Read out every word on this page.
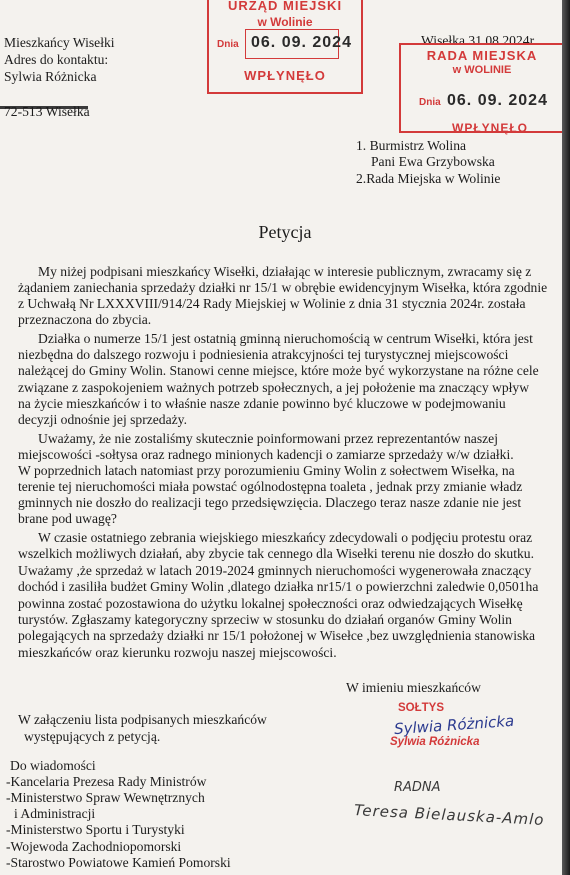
Mieszkańcy Wisełki
Adres do kontaktu:
Sylwia Różnicka
72-513 Wisełka
URZĄD MIEJSKI
w Wolinie
Dnia 06. 09. 2024
WPŁYNĘŁO
Wisełka 31.08.2024r.
RADA MIEJSKA
w WOLINIE
Dnia 06. 09. 2024
WPŁYNĘŁO
1. Burmistrz Wolina
Pani Ewa Grzybowska
2.Rada Miejska w Wolinie
Petycja
My niżej podpisani mieszkańcy Wisełki, działając w interesie publicznym, zwracamy się z
żądaniem zaniechania sprzedaży działki nr 15/1 w obrębie ewidencyjnym Wisełka, która zgodnie
z Uchwałą Nr LXXXVIII/914/24 Rady Miejskiej w Wolinie z dnia 31 stycznia 2024r. została
przeznaczona do zbycia.
Działka o numerze 15/1 jest ostatnią gminną nieruchomością w centrum Wisełki, która jest
niezbędna do dalszego rozwoju i podniesienia atrakcyjności tej turystycznej miejscowości
należącej do Gminy Wolin. Stanowi cenne miejsce, które może być wykorzystane na różne cele
związane z zaspokojeniem ważnych potrzeb społecznych, a jej położenie ma znaczący wpływ
na życie mieszkańców i to właśnie nasze zdanie powinno być kluczowe w podejmowaniu
decyzji odnośnie jej sprzedaży.
Uważamy, że nie zostaliśmy skutecznie poinformowani przez reprezentantów naszej
miejscowości -sołtysa oraz radnego minionych kadencji o zamiarze sprzedaży w/w działki.
W poprzednich latach natomiast przy porozumieniu Gminy Wolin z sołectwem Wisełka, na
terenie tej nieruchomości miała powstać ogólnodostępna toaleta , jednak przy zmianie władz
gminnych nie doszło do realizacji tego przedsięwzięcia. Dlaczego teraz nasze zdanie nie jest
brane pod uwagę?
W czasie ostatniego zebrania wiejskiego mieszkańcy zdecydowali o podjęciu protestu oraz
wszelkich możliwych działań, aby zbycie tak cennego dla Wisełki terenu nie doszło do skutku.
Uważamy ,że sprzedaż w latach 2019-2024 gminnych nieruchomości wygenerowała znaczący
dochód i zasiliła budżet Gminy Wolin ,dlatego działka nr15/1 o powierzchni zaledwie 0,0501ha
powinna zostać pozostawiona do użytku lokalnej społeczności oraz odwiedzających Wisełkę
turystów. Zgłaszamy kategoryczny sprzeciw w stosunku do działań organów Gminy Wolin
polegających na sprzedaży działki nr 15/1 położonej w Wisełce ,bez uwzględnienia stanowiska
mieszkańców oraz kierunku rozwoju naszej miejscowości.
W imieniu mieszkańców
SOŁTYS
Sylwia Różnicka
Sylwia Różnicka
W załączeniu lista podpisanych mieszkańców
występujących z petycją.
RADNA
Teresa Bielauska-Amlo
Do wiadomości
-Kancelaria Prezesa Rady Ministrów
-Ministerstwo Spraw Wewnętrznych
i Administracji
-Ministerstwo Sportu i Turystyki
-Wojewoda Zachodniopomorski
-Starostwo Powiatowe Kamień Pomorski
